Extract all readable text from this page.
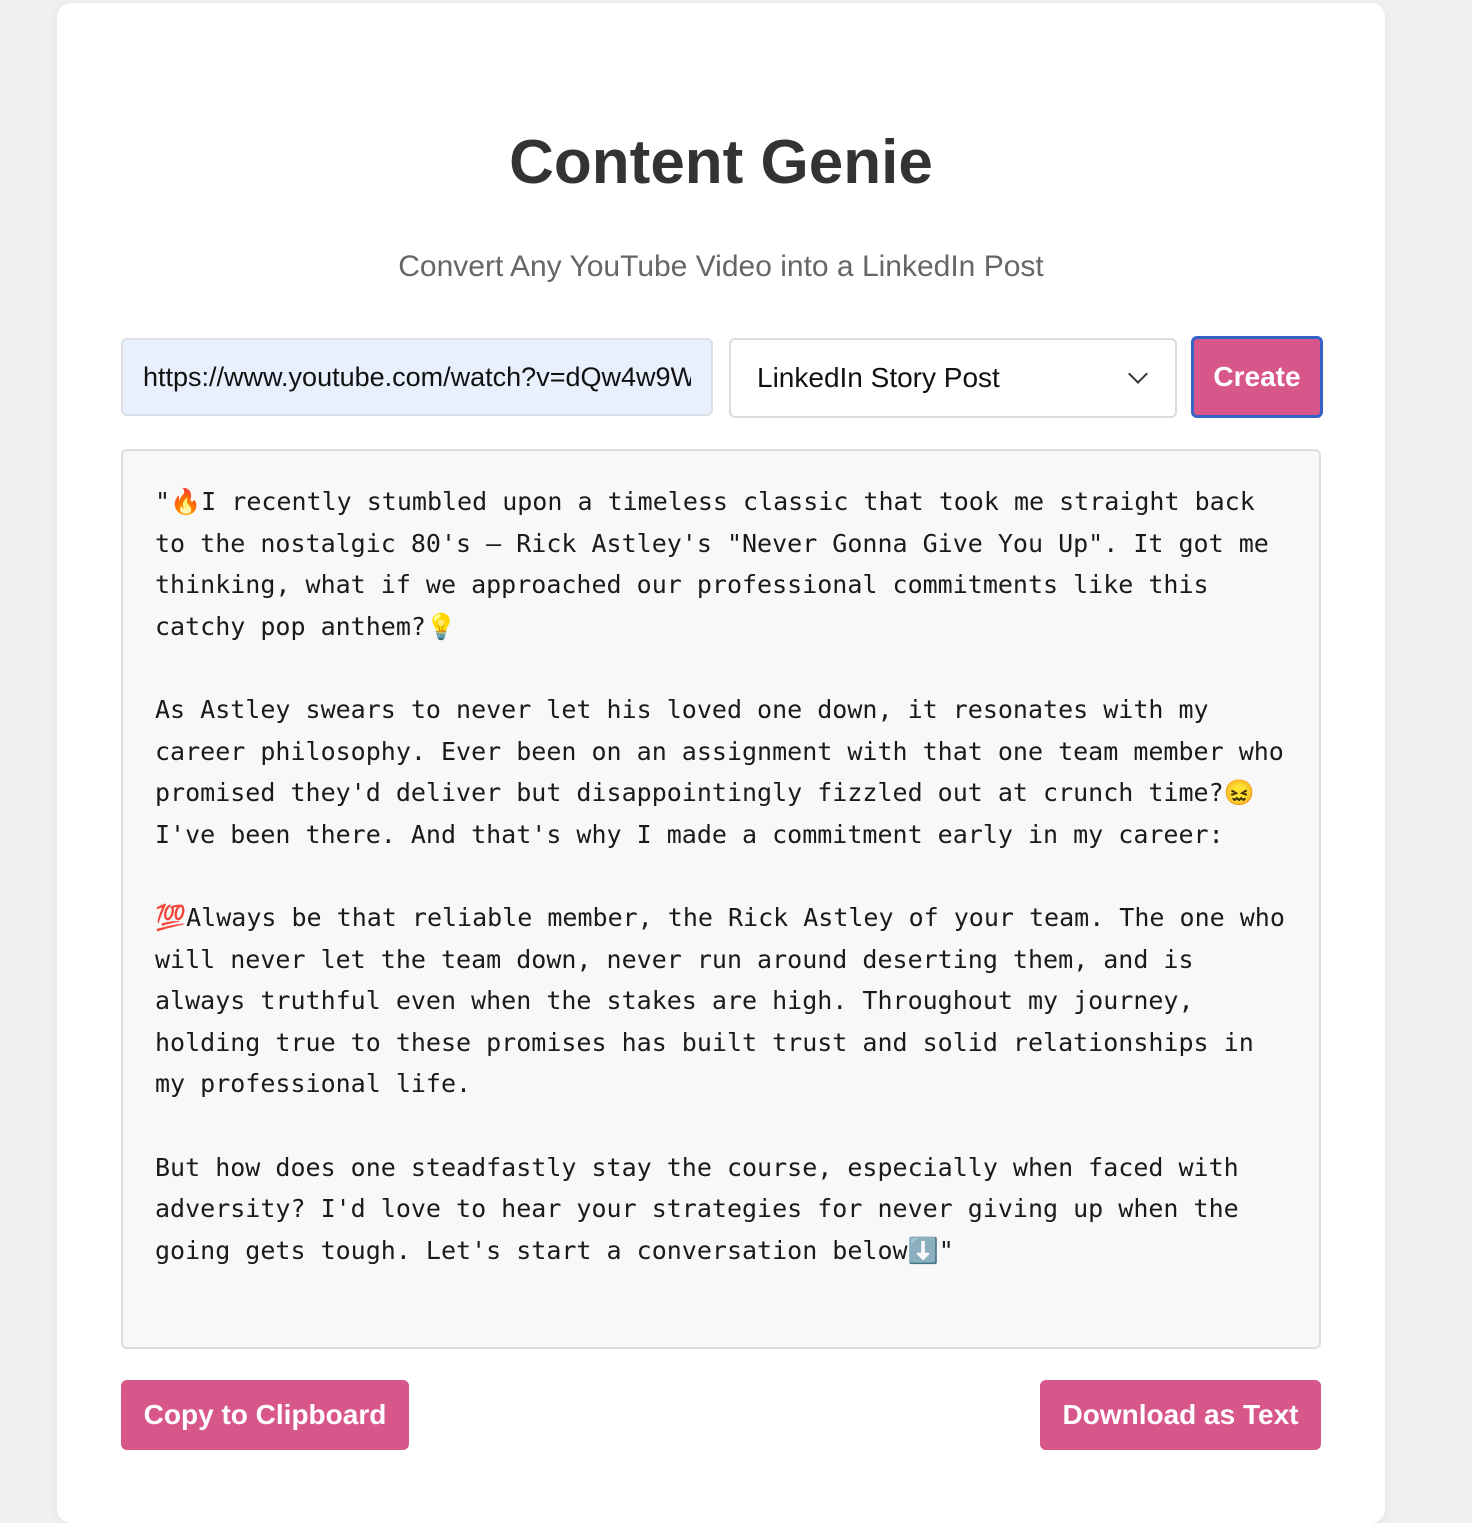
Content Genie

Convert Any YouTube Video into a LinkedIn Post

https://www.youtube.com/watch?v=dQw4w9WgXcQ
LinkedIn Story Post	Create
"🔥I recently stumbled upon a timeless classic that took me straight back to the nostalgic 80's – Rick Astley's "Never Gonna Give You Up". It got me thinking, what if we approached our professional commitments like this catchy pop anthem?💡

As Astley swears to never let his loved one down, it resonates with my career philosophy. Ever been on an assignment with that one team member who promised they'd deliver but disappointingly fizzled out at crunch time?😖I've been there. And that's why I made a commitment early in my career:

💯Always be that reliable member, the Rick Astley of your team. The one who will never let the team down, never run around deserting them, and is always truthful even when the stakes are high. Throughout my journey, holding true to these promises has built trust and solid relationships in my professional life.

But how does one steadfastly stay the course, especially when faced with adversity? I'd love to hear your strategies for never giving up when the going gets tough. Let's start a conversation below⬇️"
Copy to Clipboard	Download as Text
